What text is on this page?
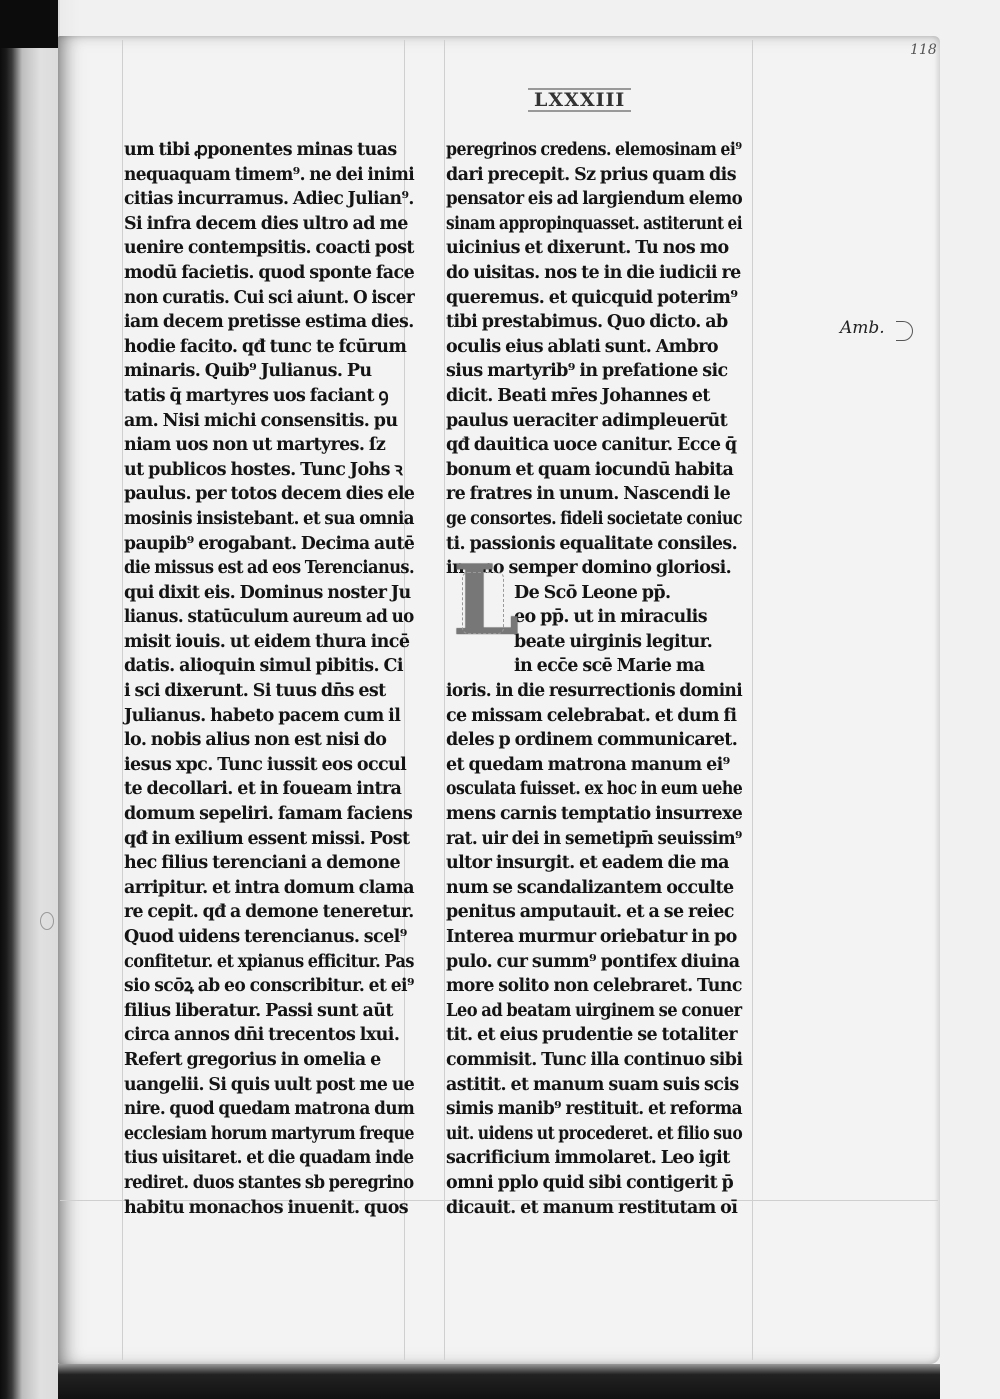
118
LXXXIII
Amb.
um tibi ꝓponentes minas tuas
nequaquam timem⁹. ne dei inimi
citias incurramus. Adiec Julian⁹.
Si infra decem dies ultro ad me
uenire contempsitis. coacti post
modū facietis. quod sponte face
non curatis. Cui sci aiunt. O iscer
iam decem pretisse estima dies.
hodie facito. qđ tunc te fcūrum
minaris. Quib⁹ Julianus. Pu
tatis q̄ martyres uos faciant ꝯ
am. Nisi michi consensitis. pu
niam uos non ut martyres. ſz
ut publicos hostes. Tunc Johs ꝛ
paulus. per totos decem dies ele
mosinis insistebant. et sua omnia
paupib⁹ erogabant. Decima autē
die missus est ad eos Terencianus.
qui dixit eis. Dominus noster Ju
lianus. statūculum aureum ad uo
misit iouis. ut eidem thura incē
datis. alioquin simul pibitis. Ci
i sci dixerunt. Si tuus dn̄s est
Julianus. habeto pacem cum il
lo. nobis alius non est nisi do
iesus xpc. Tunc iussit eos occul
te decollari. et in foueam intra
domum sepeliri. famam faciens
qđ in exilium essent missi. Post
hec filius terenciani a demone
arripitur. et intra domum clama
re cepit. qđ a demone teneretur.
Quod uidens terencianus. scel⁹
confitetur. et xpianus efficitur. Pas
sio scōꝝ ab eo conscribitur. et ei⁹
filius liberatur. Passi sunt aūt
circa annos dn̄i trecentos lxui.
Refert gregorius in omelia e
uangelii. Si quis uult post me ue
nire. quod quedam matrona dum
ecclesiam horum martyrum freque
tius uisitaret. et die quadam inde
rediret. duos stantes sb peregrino
habitu monachos inuenit. quos
peregrinos credens. elemosinam ei⁹
dari precepit. Sz prius quam dis
pensator eis ad largiendum elemo
sinam appropinquasset. astiterunt ei
uicinius et dixerunt. Tu nos mo
do uisitas. nos te in die iudicii re
queremus. et quicquid poterim⁹
tibi prestabimus. Quo dicto. ab
oculis eius ablati sunt. Ambro
sius martyrib⁹ in prefatione sic
dicit. Beati mr̄es Johannes et
paulus ueraciter adimpleuerūt
qđ dauitica uoce canitur. Ecce q̄̄
bonum et quam iocundū habita
re fratres in unum. Nascendi le
ge consortes. fideli societate coniuc
ti. passionis equalitate consiles.
in uno semper domino gloriosi.
De Scō Leone pp̄.
eo pp̄. ut in miraculis
beate uirginis legitur.
in ecc̄e scē Marie ma
ioris. in die resurrectionis domini
ce missam celebrabat. et dum fi
deles p ordinem communicaret.
et quedam matrona manum ei⁹
osculata fuisset. ex hoc in eum uehe
mens carnis temptatio insurrexe
rat. uir dei in semetipm̄ seuissim⁹
ultor insurgit. et eadem die ma
num se scandalizantem occulte
penitus amputauit. et a se reiec
Interea murmur oriebatur in po
pulo. cur summ⁹ pontifex diuina
more solito non celebraret. Tunc
Leo ad beatam uirginem se conuer
tit. et eius prudentie se totaliter
commisit. Tunc illa continuo sibi
astitit. et manum suam suis scis
simis manib⁹ restituit. et reforma
uit. uidens ut procederet. et filio suo
sacrificium immolaret. Leo igit
omni pplo quid sibi contigerit p̄
dicauit. et manum restitutam oī
L
